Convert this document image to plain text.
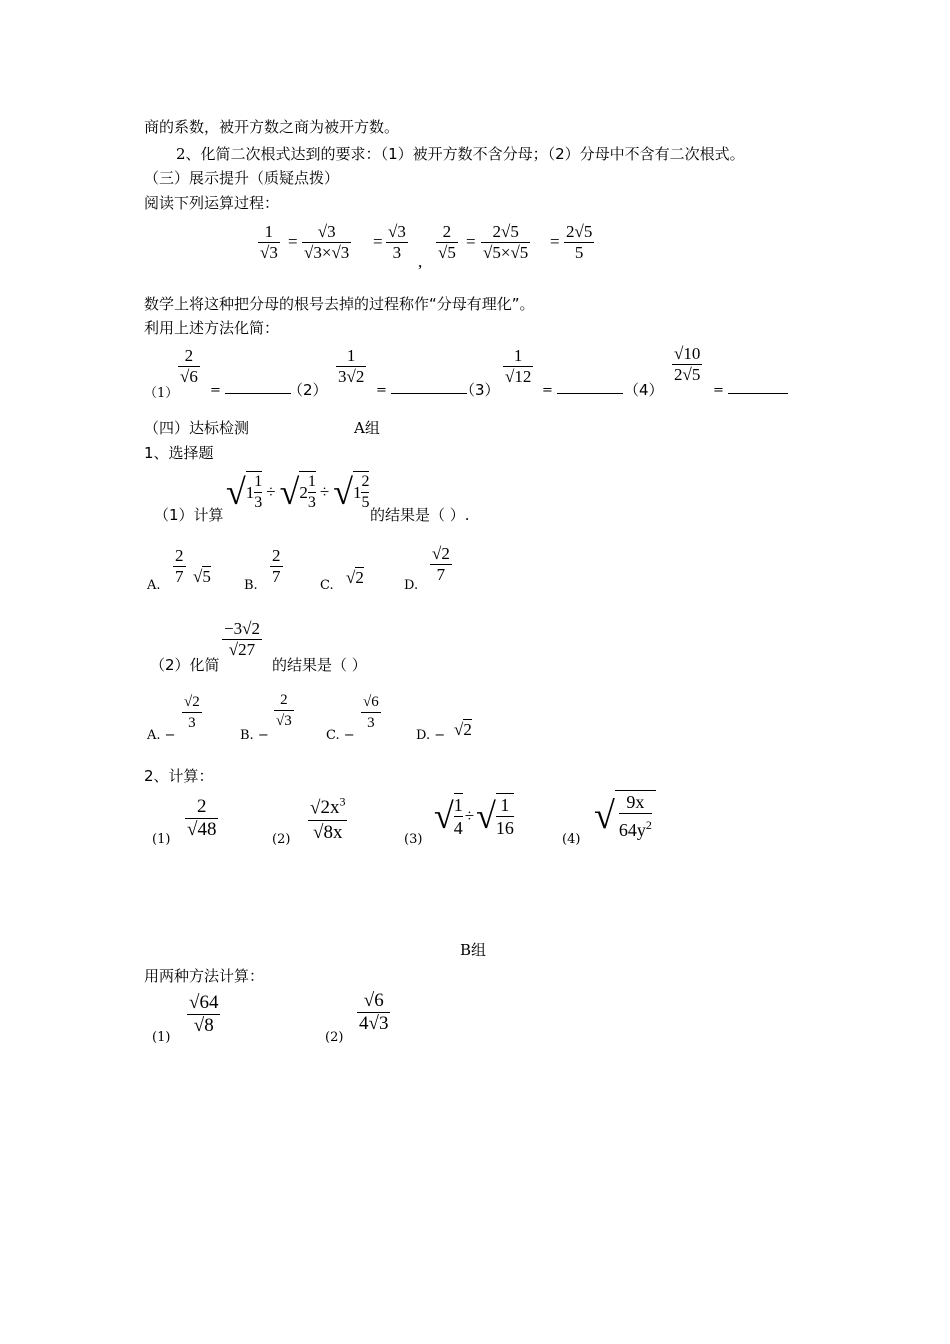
商的系数，被开方数之商为被开方数。
2、化简二次根式达到的要求：（1）被开方数不含分母；（2）分母中不含有二次根式。
（三）展示提升（质疑点拨）
阅读下列运算过程：
1
√3
=
√3
√3×√3
=
√3
3 ,
2
√5
=
2√5
√5×√5
=
2√5
5
数学上将这种把分母的根号去掉的过程称作“分母有理化”。
利用上述方法化简：
（1）
2
√6
=	（2）
1
3√2
=	（3）
1
√12
=	（4）
√10
2√5
=
（四）达标检测	A组
1、选择题
（1）计算
√ 1
1
3
÷ √ 2
1
3
÷ √ 1
2
5
的结果是（ ）.
A.
2
7 √5	B.
2
7	C. √2	D.
√2
7
（2）化简
−3√2
√27
的结果是（ ）
A. −
√2
3
B. −
2
√3
C. −
√6
3
D. − √2
2、计算：
(1)
2
√48	(2)
$√2x^3$
√8x	(3)
√ $\frac{1}{4}$ ÷ √ 1
16
(4)
√ 9x
$64y^2$
B组
用两种方法计算：
(1)
√64
√8
(2)
√6
4√3
